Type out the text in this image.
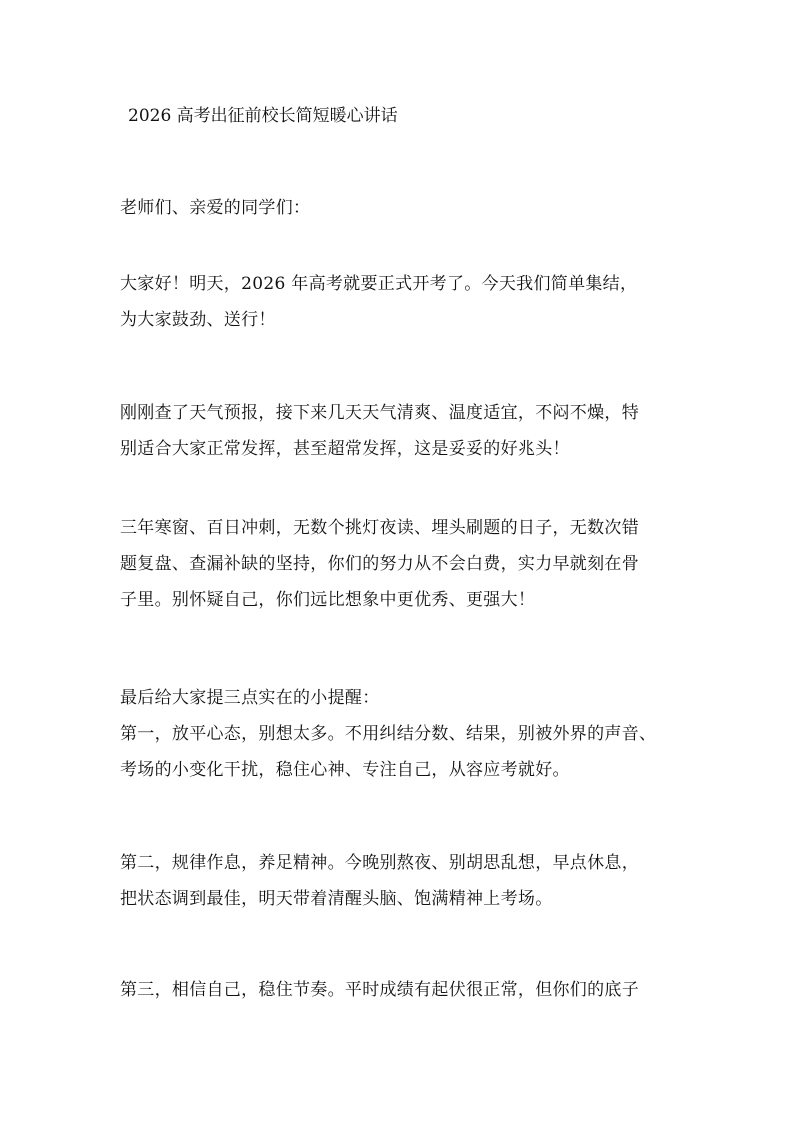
2026 高考出征前校长简短暖心讲话
老师们、亲爱的同学们：
大家好！明天，2026 年高考就要正式开考了。今天我们简单集结，
为大家鼓劲、送行！
刚刚查了天气预报，接下来几天天气清爽、温度适宜，不闷不燥，特
别适合大家正常发挥，甚至超常发挥，这是妥妥的好兆头！
三年寒窗、百日冲刺，无数个挑灯夜读、埋头刷题的日子，无数次错
题复盘、查漏补缺的坚持，你们的努力从不会白费，实力早就刻在骨
子里。别怀疑自己，你们远比想象中更优秀、更强大！
最后给大家提三点实在的小提醒：
第一，放平心态，别想太多。不用纠结分数、结果，别被外界的声音、
考场的小变化干扰，稳住心神、专注自己，从容应考就好。
第二，规律作息，养足精神。今晚别熬夜、别胡思乱想，早点休息，
把状态调到最佳，明天带着清醒头脑、饱满精神上考场。
第三，相信自己，稳住节奏。平时成绩有起伏很正常，但你们的底子
